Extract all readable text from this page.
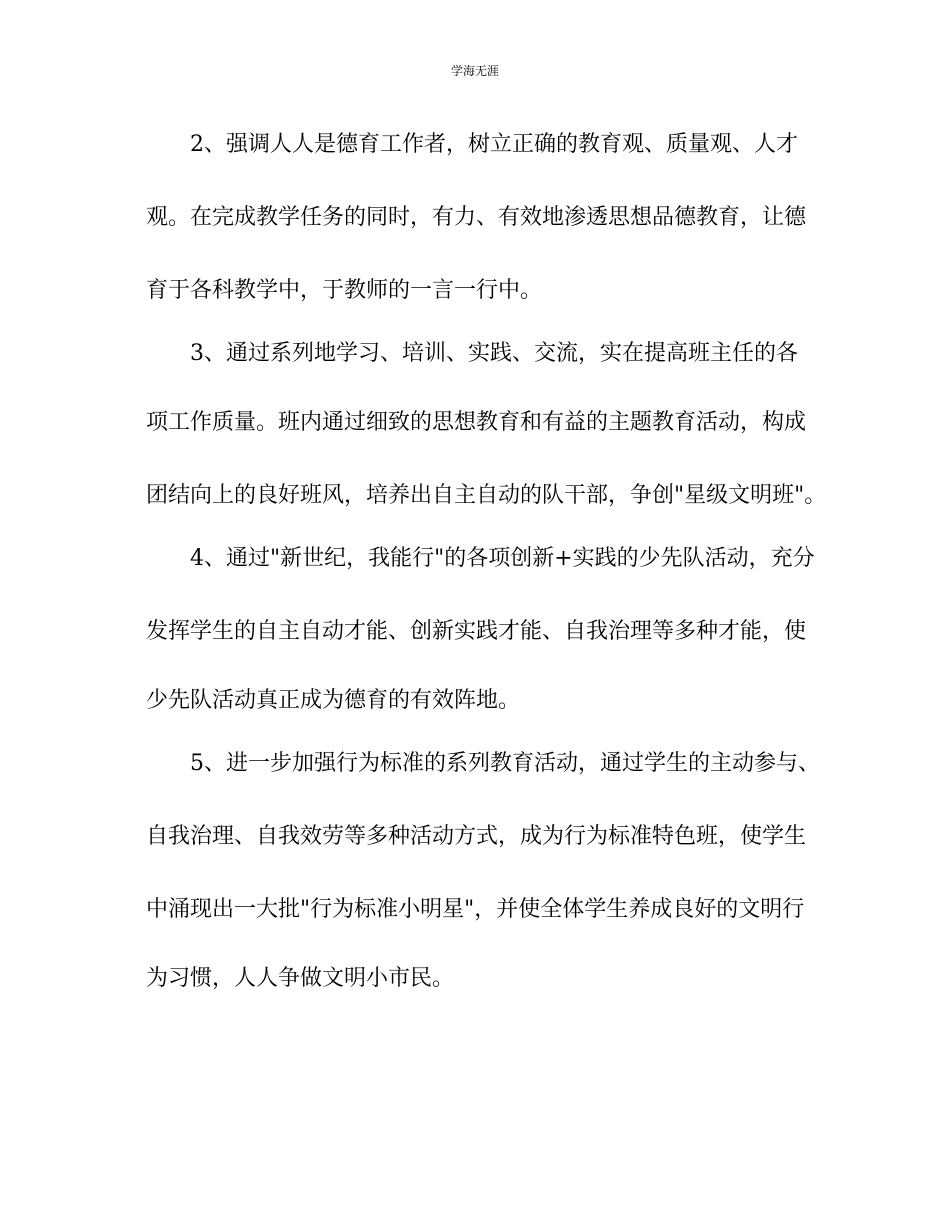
学海无涯
2、强调人人是德育工作者，树立正确的教育观、质量观、人才
观。在完成教学任务的同时，有力、有效地渗透思想品德教育，让德
育于各科教学中，于教师的一言一行中。
3、通过系列地学习、培训、实践、交流，实在提高班主任的各
项工作质量。班内通过细致的思想教育和有益的主题教育活动，构成
团结向上的良好班风，培养出自主自动的队干部，争创"星级文明班"。
4、通过"新世纪，我能行"的各项创新+实践的少先队活动，充分
发挥学生的自主自动才能、创新实践才能、自我治理等多种才能，使
少先队活动真正成为德育的有效阵地。
5、进一步加强行为标准的系列教育活动，通过学生的主动参与、
自我治理、自我效劳等多种活动方式，成为行为标准特色班，使学生
中涌现出一大批"行为标准小明星"，并使全体学生养成良好的文明行
为习惯，人人争做文明小市民。
